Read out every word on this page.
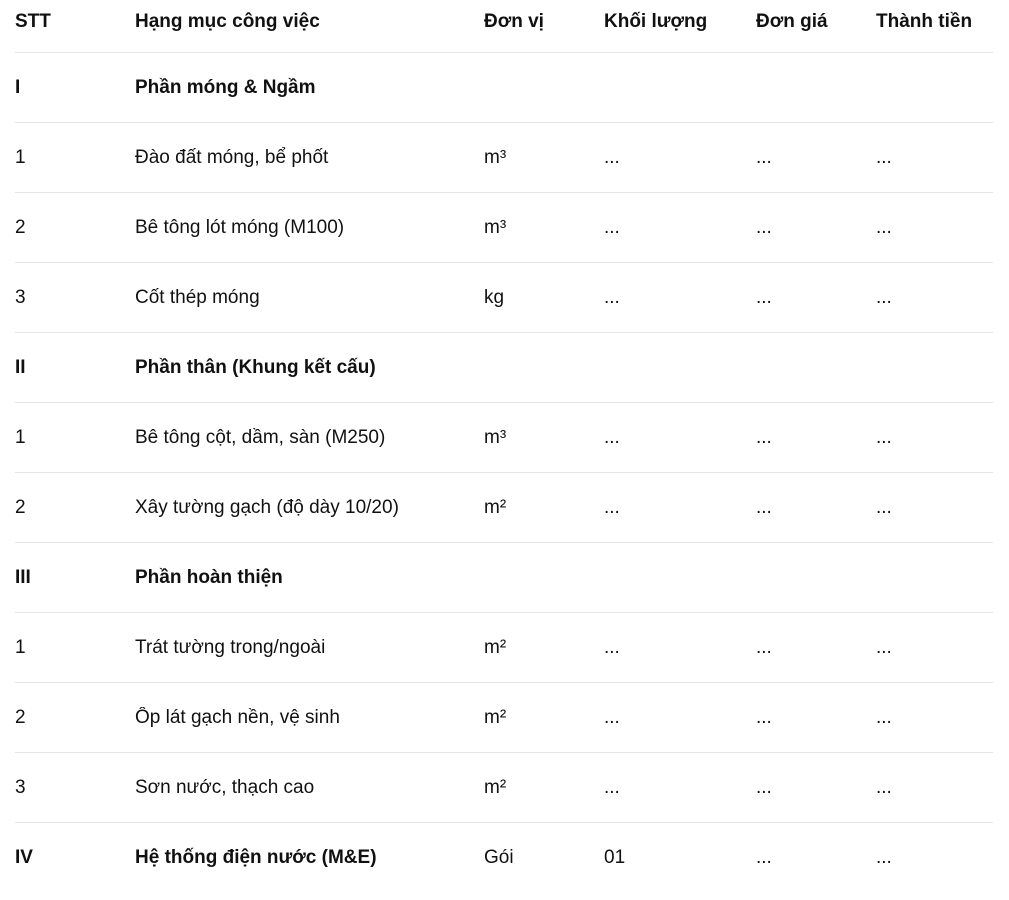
STT	Hạng mục công việc	Đơn vị	Khối lượng	Đơn giá	Thành tiền
I	Phần móng & Ngầm
1	Đào đất móng, bể phốt	m³	...	...	...
2	Bê tông lót móng (M100)	m³	...	...	...
3	Cốt thép móng	kg	...	...	...
II	Phần thân (Khung kết cấu)
1	Bê tông cột, dầm, sàn (M250)	m³	...	...	...
2	Xây tường gạch (độ dày 10/20)	m²	...	...	...
III	Phần hoàn thiện
1	Trát tường trong/ngoài	m²	...	...	...
2	Ốp lát gạch nền, vệ sinh	m²	...	...	...
3	Sơn nước, thạch cao	m²	...	...	...
IV	Hệ thống điện nước (M&E)	Gói	01	...	...
